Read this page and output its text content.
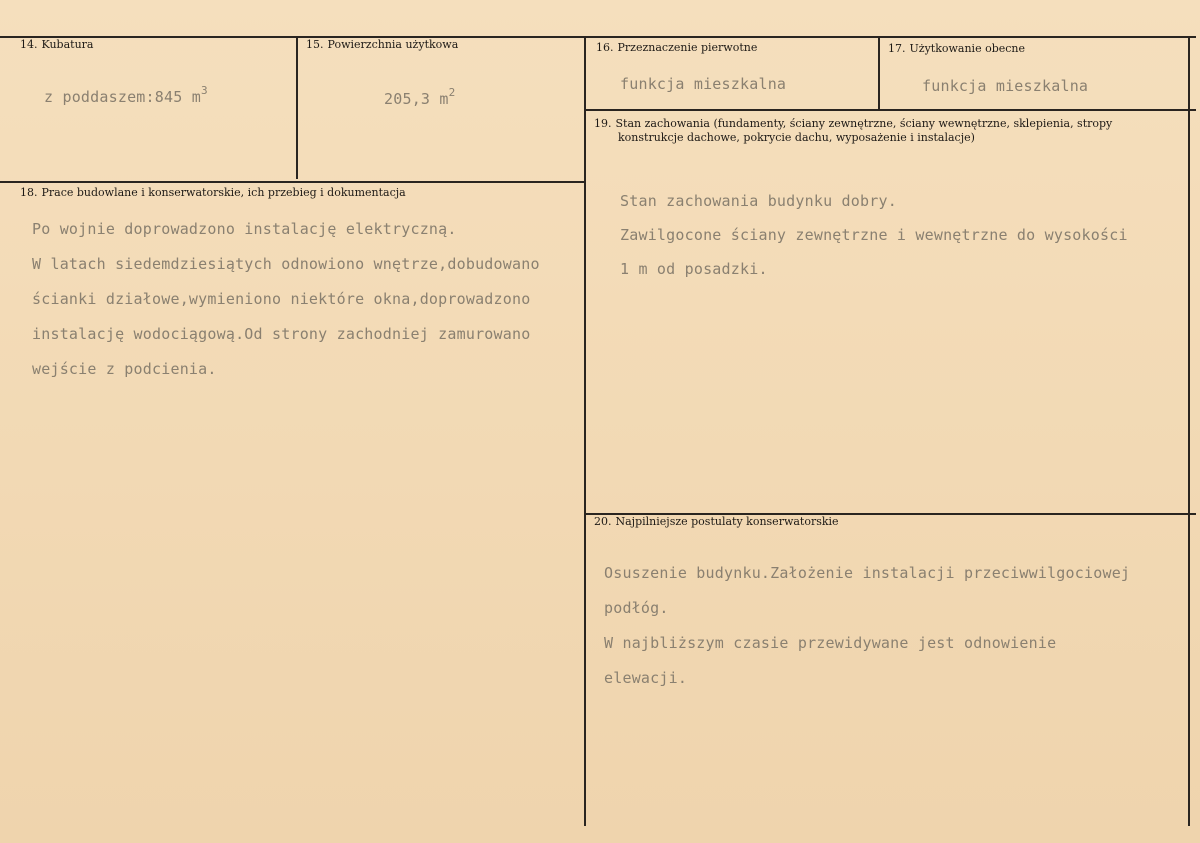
14. Kubatura
z poddaszem:845 $m^3$
15. Powierzchnia użytkowa
205,3 $m^2$
16. Przeznaczenie pierwotne
funkcja mieszkalna
17. Użytkowanie obecne
funkcja mieszkalna
19. Stan zachowania (fundamenty, ściany zewnętrzne, ściany wewnętrzne, sklepienia, stropy
konstrukcje dachowe, pokrycie dachu, wyposażenie i instalacje)
Stan zachowania budynku dobry.
Zawilgocone ściany zewnętrzne i wewnętrzne do wysokości
1 m od posadzki.
18. Prace budowlane i konserwatorskie, ich przebieg i dokumentacja
Po wojnie doprowadzono instalację elektryczną.
W latach siedemdziesiątych odnowiono wnętrze,dobudowano
ścianki działowe,wymieniono niektóre okna,doprowadzono
instalację wodociągową.Od strony zachodniej zamurowano
wejście z podcienia.
20. Najpilniejsze postulaty konserwatorskie
Osuszenie budynku.Założenie instalacji przeciwwilgociowej
podłóg.
W najbliższym czasie przewidywane jest odnowienie
elewacji.
